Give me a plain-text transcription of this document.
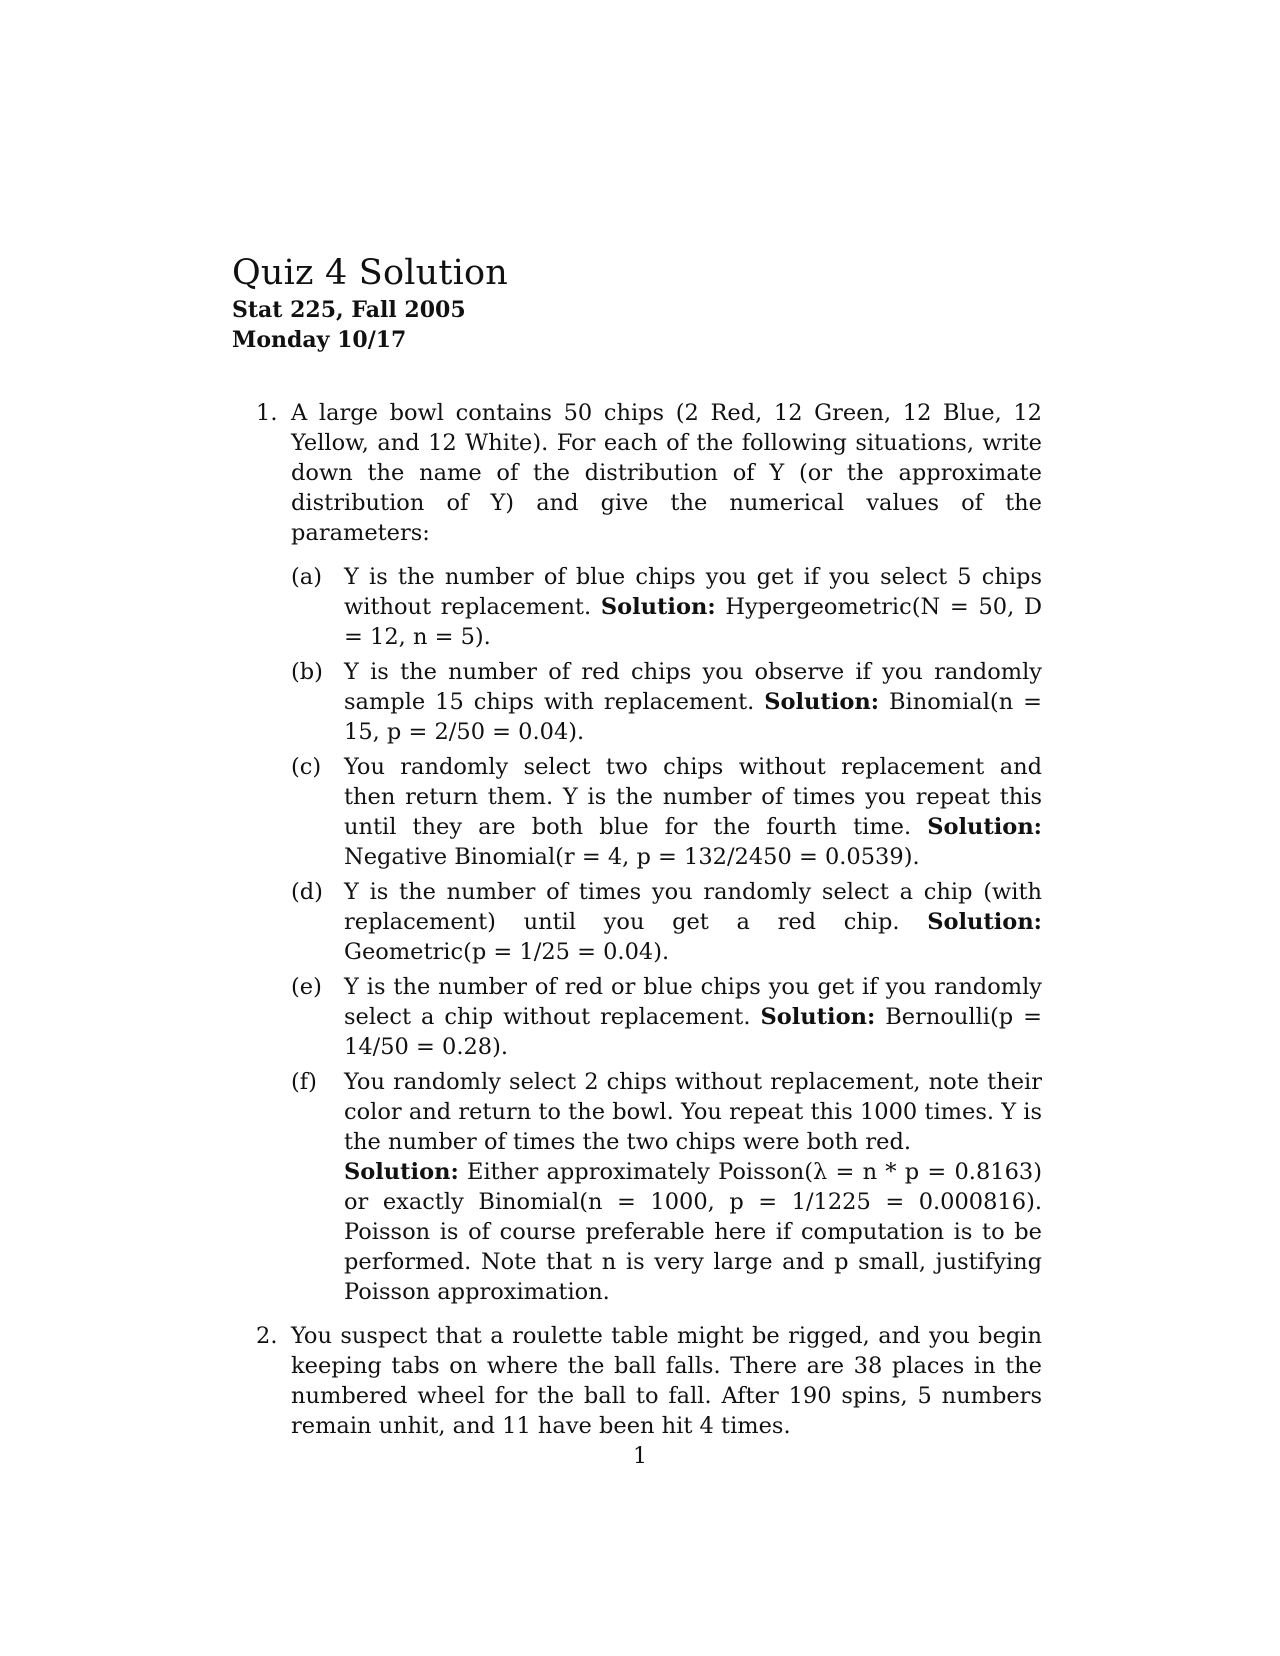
Quiz 4 Solution

Stat 225, Fall 2005

Monday 10/17

1. A large bowl contains 50 chips (2 Red, 12 Green, 12 Blue, 12 Yellow, and 12 White). For each of the following situations, write down the name of the distribution of Y (or the approximate distribution of Y) and give the numerical values of the parameters:

(a) Y is the number of blue chips you get if you select 5 chips without replacement. Solution: Hypergeometric(N = 50, D = 12, n = 5).

(b) Y is the number of red chips you observe if you randomly sample 15 chips with replacement. Solution: Binomial(n = 15, p = 2/50 = 0.04).

(c) You randomly select two chips without replacement and then return them. Y is the number of times you repeat this until they are both blue for the fourth time. Solution: Negative Binomial(r = 4, p = 132/2450 = 0.0539).

(d) Y is the number of times you randomly select a chip (with replacement) until you get a red chip. Solution: Geometric(p = 1/25 = 0.04).

(e) Y is the number of red or blue chips you get if you randomly select a chip without replacement. Solution: Bernoulli(p = 14/50 = 0.28).

(f) You randomly select 2 chips without replacement, note their color and return to the bowl. You repeat this 1000 times. Y is the number of times the two chips were both red.

Solution: Either approximately Poisson(λ = n * p = 0.8163) or exactly Binomial(n = 1000, p = 1/1225 = 0.000816). Poisson is of course preferable here if computation is to be performed. Note that n is very large and p small, justifying Poisson approximation.

2. You suspect that a roulette table might be rigged, and you begin keeping tabs on where the ball falls. There are 38 places in the numbered wheel for the ball to fall. After 190 spins, 5 numbers remain unhit, and 11 have been hit 4 times.

1
